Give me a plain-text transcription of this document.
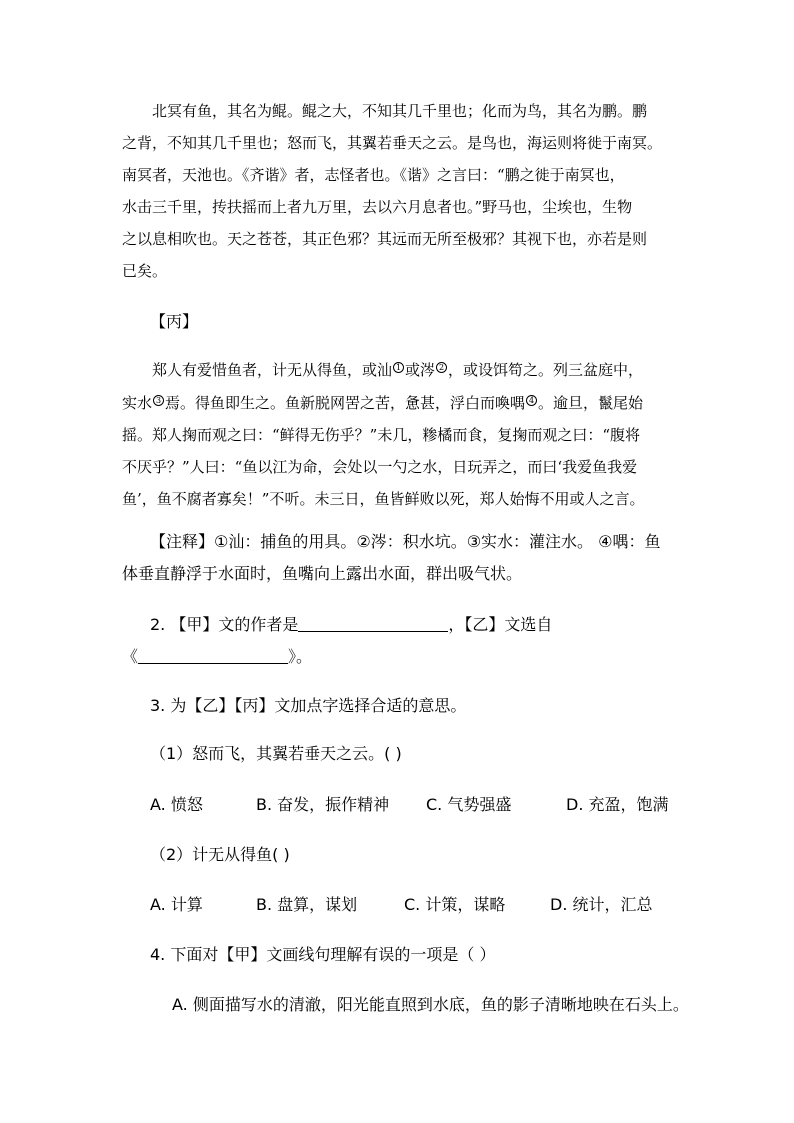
北冥有鱼，其名为鲲。鲲之大，不知其几千里也；化而为鸟，其名为鹏。鹏
之背，不知其几千里也；怒而飞，其翼若垂天之云。是鸟也，海运则将徙于南冥。
南冥者，天池也。《齐谐》者，志怪者也。《谐》之言曰：“鹏之徙于南冥也，
水击三千里，抟扶摇而上者九万里，去以六月息者也。”野马也，尘埃也，生物
之以息相吹也。天之苍苍，其正色邪？其远而无所至极邪？其视下也，亦若是则
已矣。
【丙】
郑人有爱惜鱼者，计无从得鱼，或汕 1 或涔 2 ，或设饵笱之。列三盆庭中，
实水 3 焉。得鱼即生之。鱼新脱网罟之苦，惫甚，浮白而喚喁 4 。逾旦，鬣尾始
摇。郑人掬而观之曰：“鲜得无伤乎？”未几，糁橘而食，复掬而观之曰：“腹将
不厌乎？”人曰：“鱼以江为命，会处以一勺之水，日玩弄之，而曰‘我爱鱼我爱
鱼’，鱼不腐者寡矣！”不听。未三日，鱼皆鲜败以死，郑人始悔不用或人之言。
【注释】①汕：捕鱼的用具。②涔：积水坑。③实水：灌注水。 ④喁：鱼
体垂直静浮于水面时，鱼嘴向上露出水面，群出吸气状。
2. 【甲】文的作者是	，【乙】文选自
《	》。
3. 为【乙】【丙】文加点字选择合适的意思。
（1）怒而飞，其翼若垂天之云。( )
A. 愤怒	B. 奋发，振作精神 C. 气势强盛	D. 充盈，饱满
（2）计无从得鱼( )
A. 计算	B. 盘算，谋划	C. 计策，谋略	D. 统计，汇总
4. 下面对【甲】文画线句理解有误的一项是（ ）
A. 侧面描写水的清澈，阳光能直照到水底，鱼的影子清晰地映在石头上。
